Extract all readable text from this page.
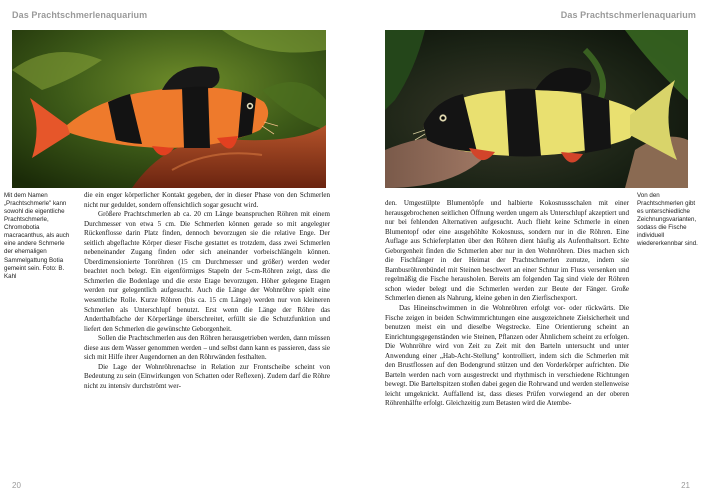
Das Prachtschmerlenaquarium
Mit dem Namen „Prachtschmerle" kann sowohl die eigentliche Prachtschmerle, Chromobotia macracanthus, als auch eine andere Schmerle der ehemaligen Sammelgattung Botia gemeint sein. Foto: B. Kahl

die ein enger körperlicher Kontakt gegeben, der in dieser Phase von den Schmerlen nicht nur geduldet, sondern offensichtlich sogar gesucht wird.

Größere Prachtschmerlen ab ca. 20 cm Länge beanspruchen Röhren mit einem Durchmesser von etwa 5 cm. Die Schmerlen können gerade so mit angelegter Rückenflosse darin Platz finden, dennoch bevorzugen sie die relative Enge. Der seitlich abgeflachte Körper dieser Fische gestattet es trotzdem, dass zwei Schmerlen nebeneinander Zugang finden oder sich aneinander vorbeischlängeln können. Überdimensionierte Tonröhren (15 cm Durchmesser und größer) werden weder beachtet noch belegt. Ein eigenförmiges Stapeln der 5-cm-Röhren zeigt, dass die Schmerlen die Bodenlage und die erste Etage bevorzugen. Höher gelegene Etagen werden nur gelegentlich aufgesucht. Auch die Länge der Wohnröhre spielt eine wesentliche Rolle. Kurze Röhren (bis ca. 15 cm Länge) werden nur von kleineren Schmerlen als Unterschlupf benutzt. Erst wenn die Länge der Röhre das Anderthalbfache der Körperlänge überschreitet, erfüllt sie die Schutzfunktion und liefert den Schmerlen die gewünschte Geborgenheit.

Sollen die Prachtschmerlen aus den Röhren herausgetrieben werden, dann müssen diese aus dem Wasser genommen werden – und selbst dann kann es passieren, dass sie sich mit Hilfe ihrer Augendornen an den Röhrwänden festhalten.

Die Lage der Wohnröhrenachse in Relation zur Frontscheibe scheint von Bedeutung zu sein (Einwirkungen von Schatten oder Reflexen). Zudem darf die Röhre nicht zu intensiv durchströmt wer-

20
Das Prachtschmerlenaquarium

den. Umgestülpte Blumentöpfe und halbierte Kokosnussschalen mit einer herausgebrochenen seitlichen Öffnung werden ungern als Unterschlupf akzeptiert und nur bei fehlenden Alternativen aufgesucht. Auch flieht keine Schmerle in einen Blumentopf oder eine ausgehöhlte Kokosnuss, sondern nur in die Röhren. Eine Auflage aus Schieferplatten über den Röhren dient häufig als Aufenthaltsort. Echte Geborgenheit finden die Schmerlen aber nur in den Wohnröhren. Dies machen sich die Fischfänger in der Heimat der Prachtschmerlen zunutze, indem sie Bambusröhrenbündel mit Steinen beschwert an einer Schnur im Fluss versenken und regelmäßig die Fische herausholen. Bereits am folgenden Tag sind viele der Röhren schon wieder belegt und die Schmerlen werden zur Beute der Fänger. Große Schmerlen dienen als Nahrung, kleine gehen in den Zierfischexport.

Das Hineinschwimmen in die Wohnröhren erfolgt vor- oder rückwärts. Die Fische zeigen in beiden Schwimmrichtungen eine ausgezeichnete Zielsicherheit und benutzen meist ein und dieselbe Wegstrecke. Eine Orientierung scheint an Einrichtungsgegenständen wie Steinen, Pflanzen oder Ähnlichem scheint zu erfolgen. Die Wohnröhre wird von Zeit zu Zeit mit den Barteln untersucht und unter Anwendung einer „Hab-Acht-Stellung" kontrolliert, indem sich die Schmerlen mit den Brustflossen auf den Bodengrund stützen und den Vorderkörper aufrichten. Die Barteln werden nach vorn ausgestreckt und rhythmisch in verschiedene Richtungen bewegt. Die Barteltspitzen stoßen dabei gegen die Rohrwand und werden stellenweise leicht umgeknickt. Auffallend ist, dass dieses Prüfen vorwiegend an der oberen Röhrenhälfte erfolgt. Gleichzeitig zum Betasten wird die Atembe-

Von den Prachtschmerlen gibt es unterschiedliche Zeichnungsvarianten, sodass die Fische individuell wiedererkennbar sind.
21
